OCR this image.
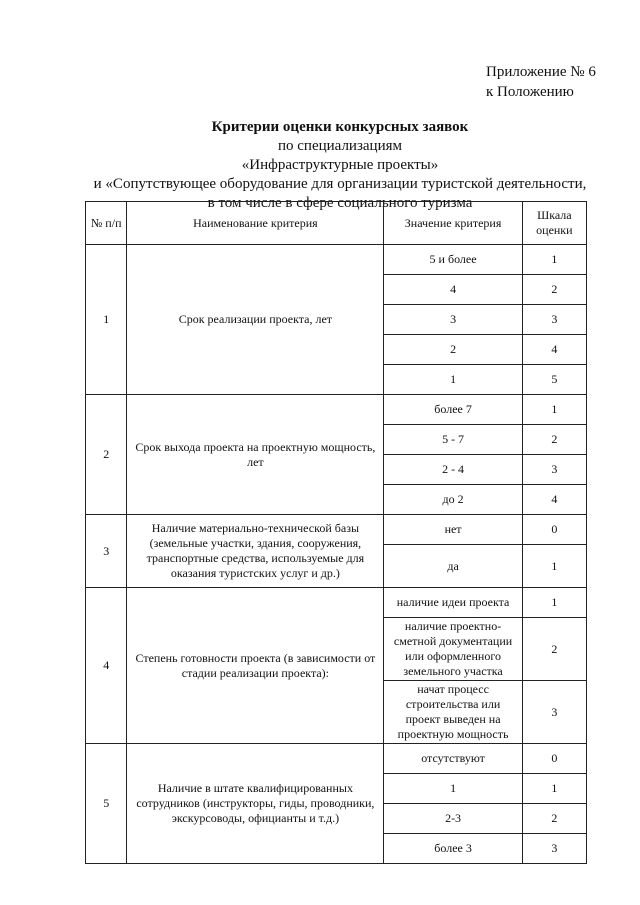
Приложение № 6
к Положению
Критерии оценки конкурсных заявок
по специализациям
«Инфраструктурные проекты»
и «Сопутствующее оборудование для организации туристской деятельности,
в том числе в сфере социального туризма
№ п/п	Наименование критерия	Значение критерия	Шкала оценки
1	Срок реализации проекта, лет	5 и более	1
		4	2
		3	3
		2	4
		1	5
2	Срок выхода проекта на проектную мощность, лет	более 7	1
		5 - 7	2
		2 - 4	3
		до 2	4
3	Наличие материально-технической базы (земельные участки, здания, сооружения, транспортные средства, используемые для оказания туристских услуг и др.)	нет	0
		да	1
4	Степень готовности проекта (в зависимости от стадии реализации проекта):	наличие идеи проекта	1
		наличие проектно-сметной документации или оформленного земельного участка	2
		начат процесс строительства или проект выведен на проектную мощность	3
5	Наличие в штате квалифицированных сотрудников (инструкторы, гиды, проводники, экскурсоводы, официанты и т.д.)	отсутствуют	0
		1	1
		2-3	2
		более 3	3
